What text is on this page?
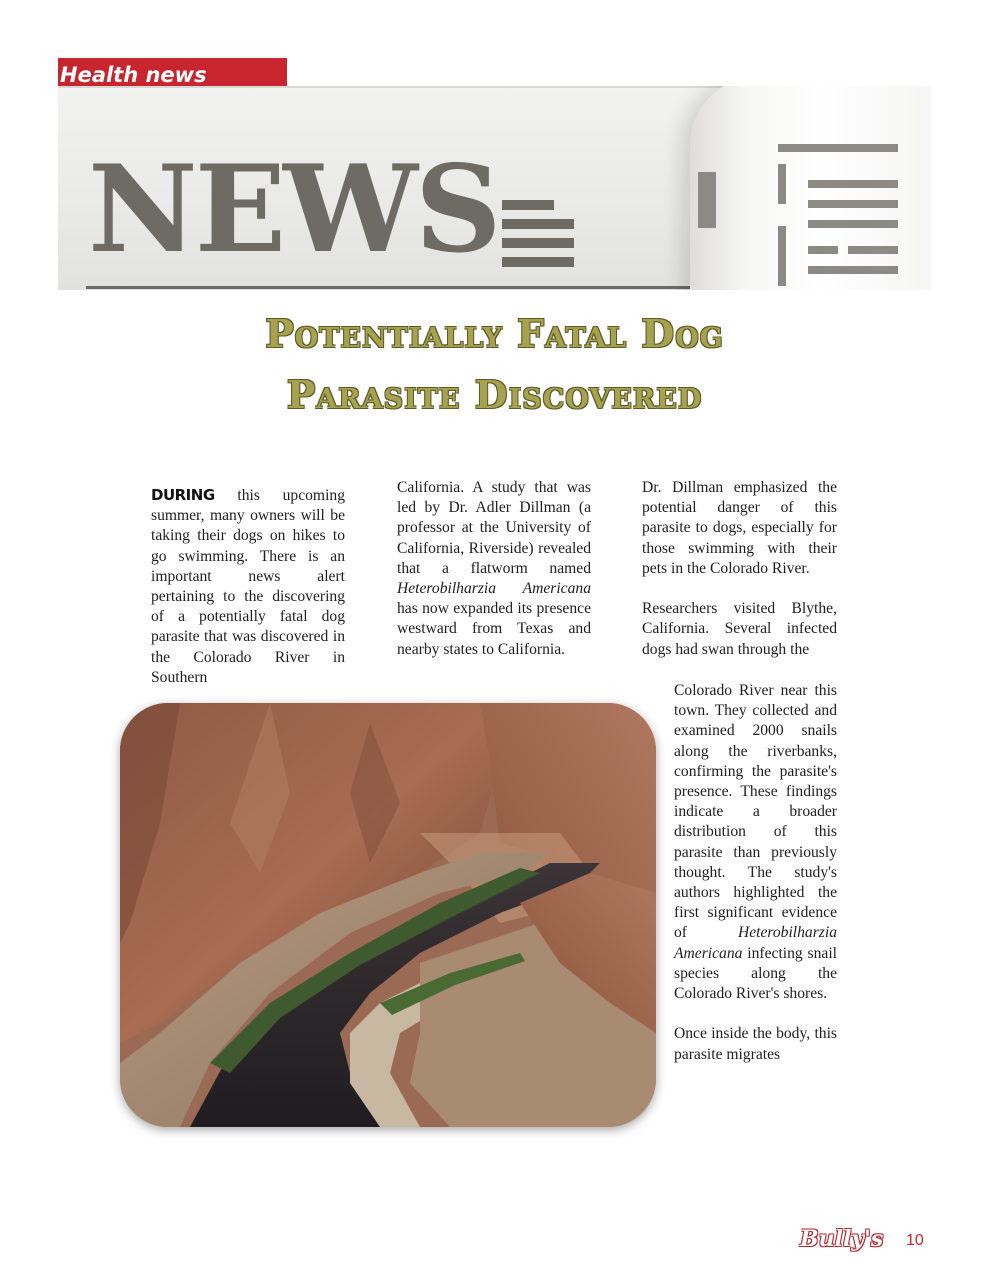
Health news
NEWS
Potentially Fatal Dog
Parasite Discovered

DURING this upcoming summer, many owners will be taking their dogs on hikes to go swimming. There is an important news alert pertaining to the discovering of a potentially fatal dog parasite that was discovered in the Colorado River in Southern

California. A study that was led by Dr. Adler Dillman (a professor at the University of California, Riverside) revealed that a flatworm named Heterobilharzia Americana has now expanded its presence westward from Texas and nearby states to California.

Dr. Dillman emphasized the potential danger of this parasite to dogs, especially for those swimming with their pets in the Colorado River.

Researchers visited Blythe, California. Several infected dogs had swan through the

Colorado River near this town. They collected and examined 2000 snails along the riverbanks, confirming the parasite's presence. These findings indicate a broader distribution of this parasite than previously thought. The study's authors highlighted the first significant evidence of Heterobilharzia Americana infecting snail species along the Colorado River's shores.

Once inside the body, this parasite migrates

Bully's 10
